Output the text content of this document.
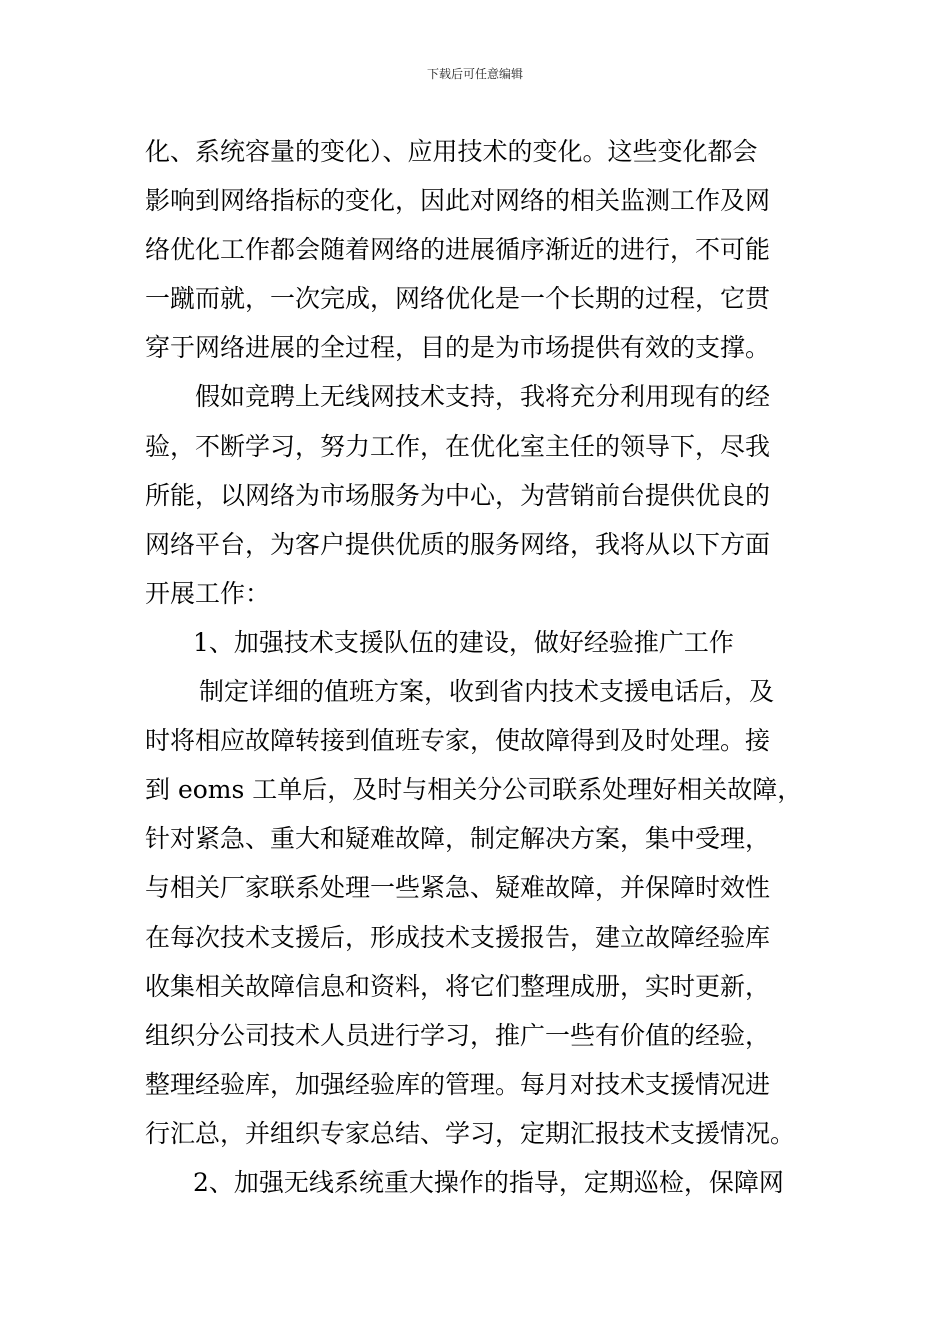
下载后可任意编辑
化、系统容量的变化）、应用技术的变化。这些变化都会
影响到网络指标的变化，因此对网络的相关监测工作及网
络优化工作都会随着网络的进展循序渐近的进行，不可能
一蹴而就，一次完成，网络优化是一个长期的过程，它贯
穿于网络进展的全过程，目的是为市场提供有效的支撑。
假如竞聘上无线网技术支持，我将充分利用现有的经
验，不断学习，努力工作，在优化室主任的领导下，尽我
所能，以网络为市场服务为中心，为营销前台提供优良的
网络平台，为客户提供优质的服务网络，我将从以下方面
开展工作：
1、加强技术支援队伍的建设，做好经验推广工作
制定详细的值班方案，收到省内技术支援电话后，及
时将相应故障转接到值班专家，使故障得到及时处理。接
到 eoms 工单后，及时与相关分公司联系处理好相关故障，
针对紧急、重大和疑难故障，制定解决方案，集中受理，
与相关厂家联系处理一些紧急、疑难故障，并保障时效性
在每次技术支援后，形成技术支援报告，建立故障经验库
收集相关故障信息和资料，将它们整理成册，实时更新，
组织分公司技术人员进行学习，推广一些有价值的经验，
整理经验库，加强经验库的管理。每月对技术支援情况进
行汇总，并组织专家总结、学习，定期汇报技术支援情况。
2、加强无线系统重大操作的指导，定期巡检，保障网
